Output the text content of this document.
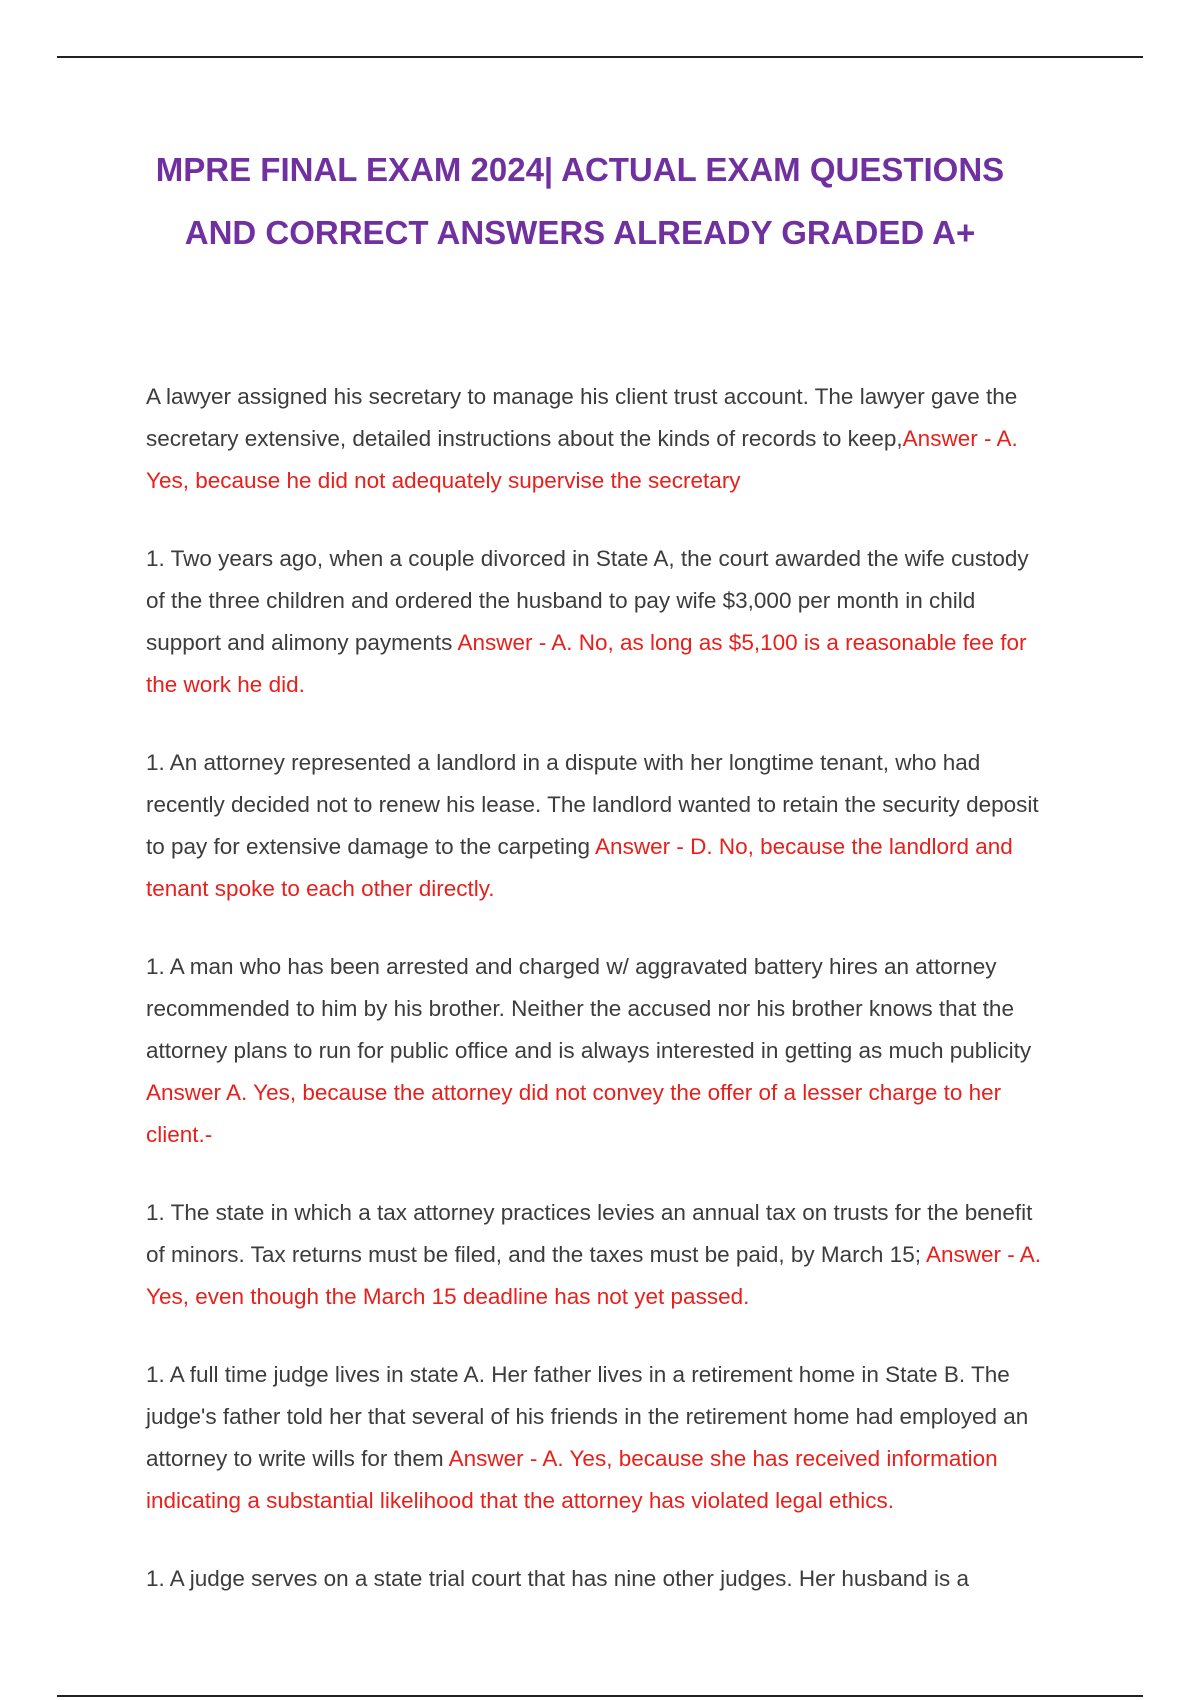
MPRE FINAL EXAM 2024| ACTUAL EXAM QUESTIONS AND CORRECT ANSWERS ALREADY GRADED A+

A lawyer assigned his secretary to manage his client trust account. The lawyer gave the secretary extensive, detailed instructions about the kinds of records to keep,Answer - A. Yes, because he did not adequately supervise the secretary

1. Two years ago, when a couple divorced in State A, the court awarded the wife custody of the three children and ordered the husband to pay wife $3,000 per month in child support and alimony payments Answer - A. No, as long as $5,100 is a reasonable fee for the work he did.

1. An attorney represented a landlord in a dispute with her longtime tenant, who had recently decided not to renew his lease. The landlord wanted to retain the security deposit to pay for extensive damage to the carpeting Answer - D. No, because the landlord and tenant spoke to each other directly.

1. A man who has been arrested and charged w/ aggravated battery hires an attorney recommended to him by his brother. Neither the accused nor his brother knows that the attorney plans to run for public office and is always interested in getting as much publicity Answer A. Yes, because the attorney did not convey the offer of a lesser charge to her client.-

1. The state in which a tax attorney practices levies an annual tax on trusts for the benefit of minors. Tax returns must be filed, and the taxes must be paid, by March 15; Answer - A. Yes, even though the March 15 deadline has not yet passed.

1. A full time judge lives in state A. Her father lives in a retirement home in State B. The judge's father told her that several of his friends in the retirement home had employed an attorney to write wills for them Answer - A. Yes, because she has received information indicating a substantial likelihood that the attorney has violated legal ethics.

1. A judge serves on a state trial court that has nine other judges. Her husband is a
